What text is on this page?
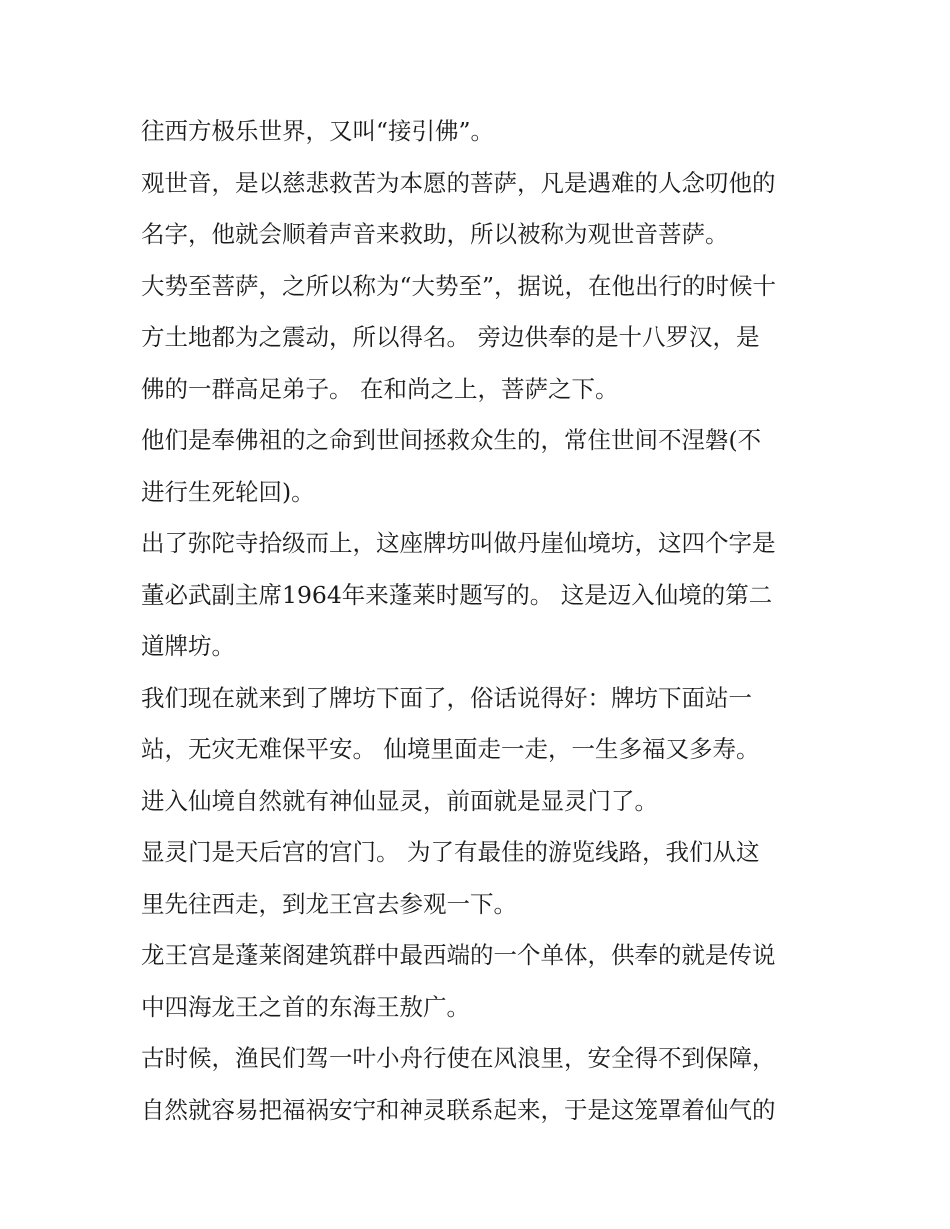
往西方极乐世界，又叫“接引佛”。

观世音，是以慈悲救苦为本愿的菩萨，凡是遇难的人念叨他的
名字，他就会顺着声音来救助，所以被称为观世音菩萨。

大势至菩萨，之所以称为“大势至”，据说，在他出行的时候十
方土地都为之震动，所以得名。 旁边供奉的是十八罗汉，是
佛的一群高足弟子。 在和尚之上，菩萨之下。

他们是奉佛祖的之命到世间拯救众生的，常住世间不涅磐(不
进行生死轮回)。

出了弥陀寺拾级而上，这座牌坊叫做丹崖仙境坊，这四个字是
董必武副主席1964年来蓬莱时题写的。 这是迈入仙境的第二
道牌坊。

我们现在就来到了牌坊下面了，俗话说得好：牌坊下面站一
站，无灾无难保平安。 仙境里面走一走，一生多福又多寿。

进入仙境自然就有神仙显灵，前面就是显灵门了。

显灵门是天后宫的宫门。 为了有最佳的游览线路，我们从这
里先往西走，到龙王宫去参观一下。

龙王宫是蓬莱阁建筑群中最西端的一个单体，供奉的就是传说
中四海龙王之首的东海王敖广。

古时候，渔民们驾一叶小舟行使在风浪里，安全得不到保障，
自然就容易把福祸安宁和神灵联系起来，于是这笼罩着仙气的
